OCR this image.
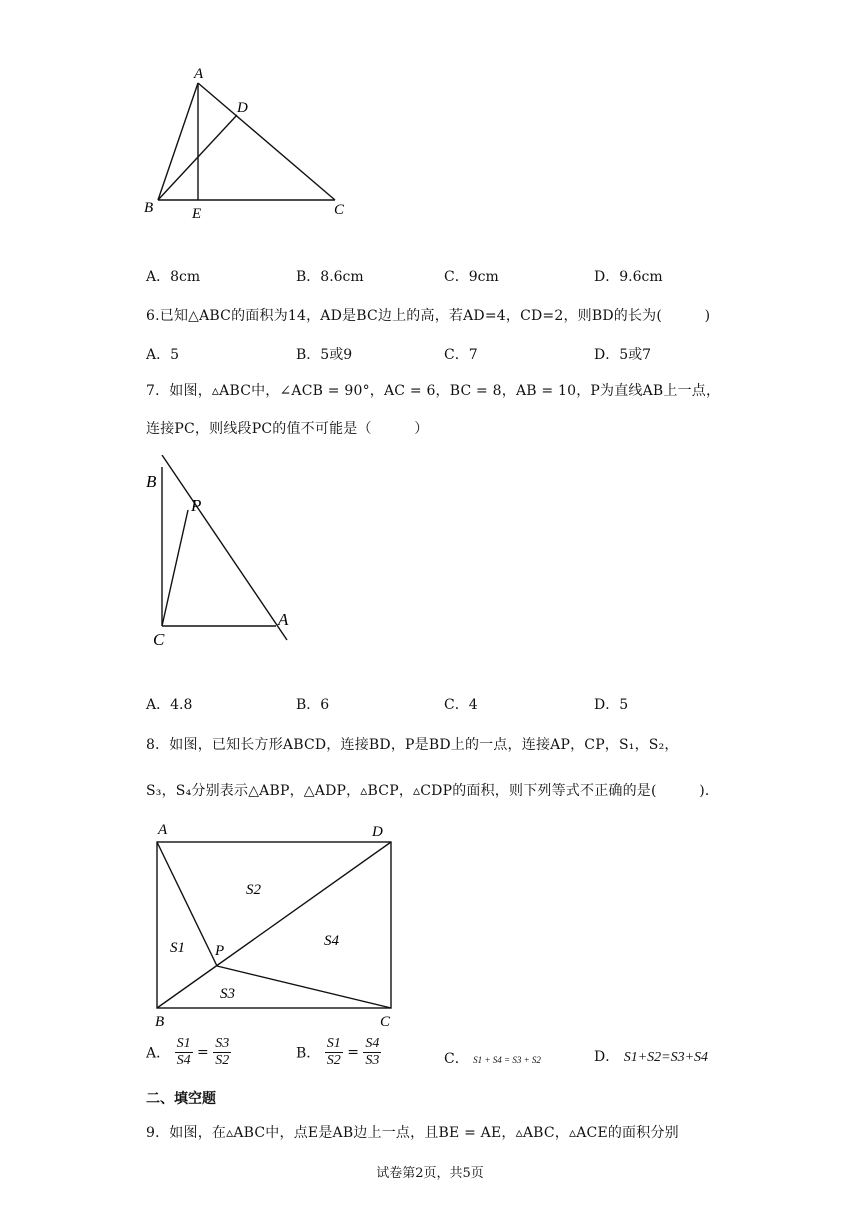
A
D
B	E	C
A．8cm	B．8.6cm	C．9cm	D．9.6cm
6.已知△ABC的面积为14，AD是BC边上的高，若AD=4，CD=2，则BD的长为(　　　)
A．5	B．5或9	C．7	D．5或7
7．如图，▵ABC中，∠ACB = 90°，AC = 6，BC = 8，AB = 10，P为直线AB上一点，
连接PC，则线段PC的值不可能是（　　　）
B
P
C
A
A．4.8	B．6	C．4	D．5
8．如图，已知长方形ABCD，连接BD，P是BD上的一点，连接AP，CP，S₁，S₂，
S₃，S₄分别表示△ABP，△ADP，▵BCP，▵CDP的面积，则下列等式不正确的是(　　　)．
A	D
B	C
P
S2
S1	S4
S3
A． $\frac{S1}{S4} = \frac{S3}{S2}$	B． $\frac{S1}{S2} = \frac{S4}{S3}$	C． S1 + S4 = S3 + S2	D． S1+S2=S3+S4
二、填空题
9．如图，在▵ABC中，点E是AB边上一点，且BE = AE，▵ABC，▵ACE的面积分别
试卷第2页，共5页
